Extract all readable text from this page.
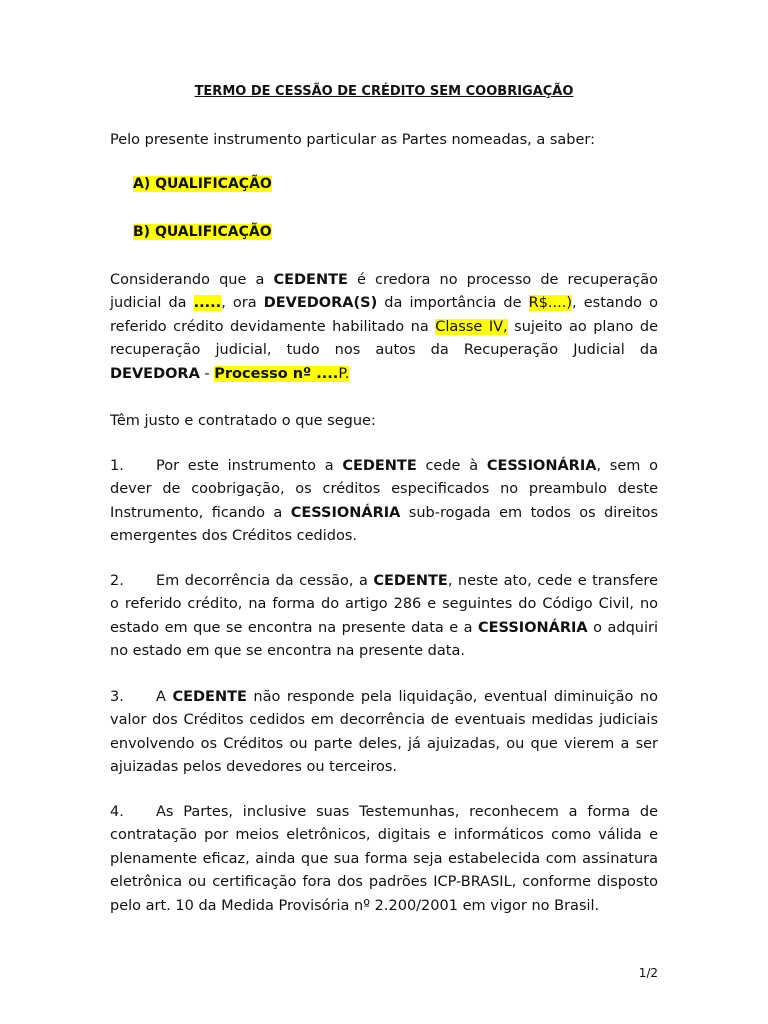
TERMO DE CESSÃO DE CRÉDITO SEM COOBRIGAÇÃO

Pelo presente instrumento particular as Partes nomeadas, a saber:

A) QUALIFICAÇÃO
B) QUALIFICAÇÃO

Considerando que a CEDENTE é credora no processo de recuperação judicial da ....., ora DEVEDORA(S) da importância de R$....), estando o referido crédito devidamente habilitado na Classe IV, sujeito ao plano de recuperação judicial, tudo nos autos da Recuperação Judicial da DEVEDORA - Processo nº ....P.

Têm justo e contratado o que segue:

1. Por este instrumento a CEDENTE cede à CESSIONÁRIA, sem o dever de coobrigação, os créditos especificados no preambulo deste Instrumento, ficando a CESSIONÁRIA sub-rogada em todos os direitos emergentes dos Créditos cedidos.

2. Em decorrência da cessão, a CEDENTE, neste ato, cede e transfere o referido crédito, na forma do artigo 286 e seguintes do Código Civil, no estado em que se encontra na presente data e a CESSIONÁRIA o adquiri no estado em que se encontra na presente data.

3. A CEDENTE não responde pela liquidação, eventual diminuição no valor dos Créditos cedidos em decorrência de eventuais medidas judiciais envolvendo os Créditos ou parte deles, já ajuizadas, ou que vierem a ser ajuizadas pelos devedores ou terceiros.

4. As Partes, inclusive suas Testemunhas, reconhecem a forma de contratação por meios eletrônicos, digitais e informáticos como válida e plenamente eficaz, ainda que sua forma seja estabelecida com assinatura eletrônica ou certificação fora dos padrões ICP-BRASIL, conforme disposto pelo art. 10 da Medida Provisória nº 2.200/2001 em vigor no Brasil.

1/2
